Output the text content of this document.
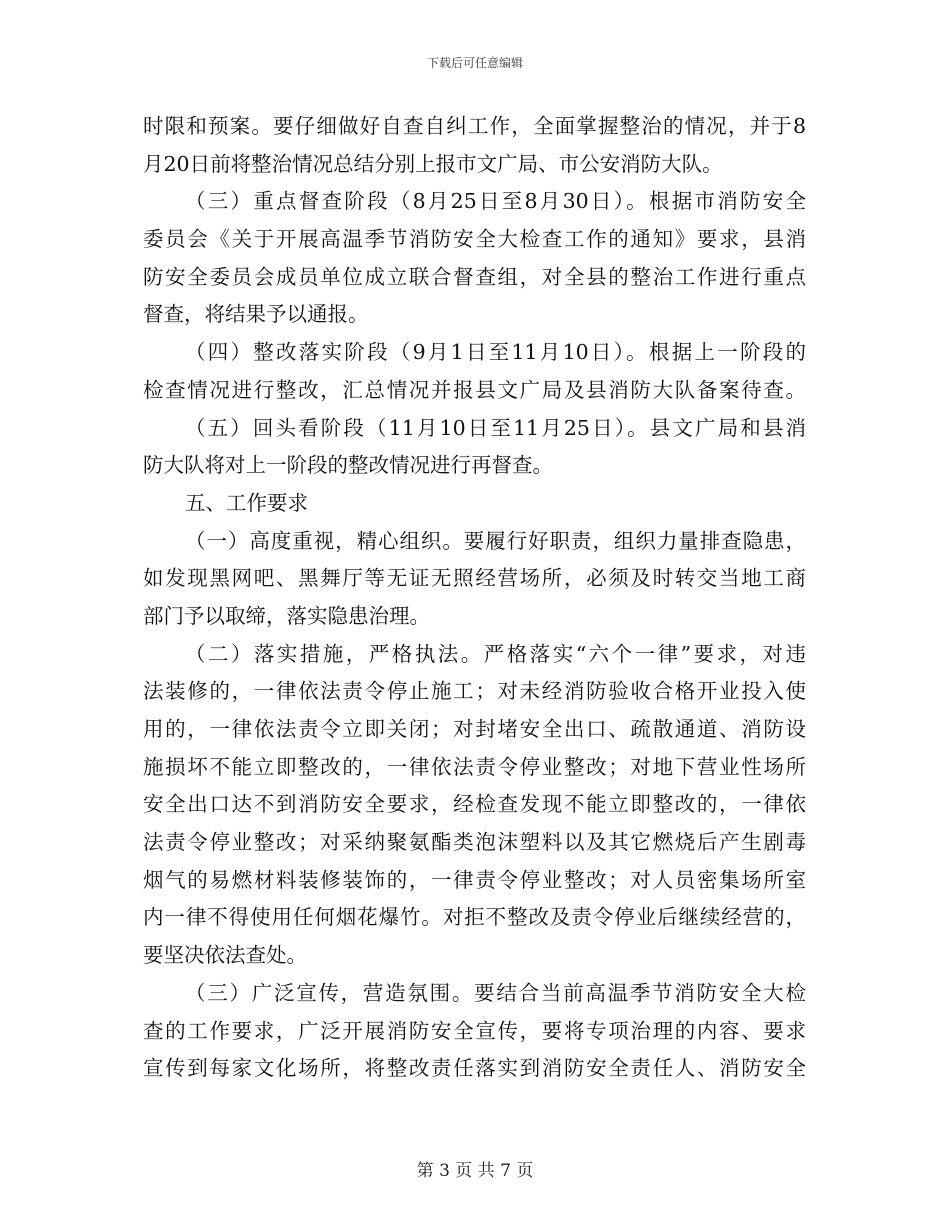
下载后可任意编辑
时限和预案。要仔细做好自查自纠工作，全面掌握整治的情况，并于8
月20日前将整治情况总结分别上报市文广局、市公安消防大队。
（三）重点督查阶段（8月25日至8月30日）。根据市消防安全
委员会《关于开展高温季节消防安全大检查工作的通知》要求，县消
防安全委员会成员单位成立联合督查组，对全县的整治工作进行重点
督查，将结果予以通报。
（四）整改落实阶段（9月1日至11月10日）。根据上一阶段的
检查情况进行整改，汇总情况并报县文广局及县消防大队备案待查。
（五）回头看阶段（11月10日至11月25日）。县文广局和县消
防大队将对上一阶段的整改情况进行再督查。
五、工作要求
（一）高度重视，精心组织。要履行好职责，组织力量排查隐患，
如发现黑网吧、黑舞厅等无证无照经营场所，必须及时转交当地工商
部门予以取缔，落实隐患治理。
（二）落实措施，严格执法。严格落实“六个一律”要求，对违
法装修的，一律依法责令停止施工；对未经消防验收合格开业投入使
用的，一律依法责令立即关闭；对封堵安全出口、疏散通道、消防设
施损坏不能立即整改的，一律依法责令停业整改；对地下营业性场所
安全出口达不到消防安全要求，经检查发现不能立即整改的，一律依
法责令停业整改；对采纳聚氨酯类泡沫塑料以及其它燃烧后产生剧毒
烟气的易燃材料装修装饰的，一律责令停业整改；对人员密集场所室
内一律不得使用任何烟花爆竹。对拒不整改及责令停业后继续经营的，
要坚决依法查处。
（三）广泛宣传，营造氛围。要结合当前高温季节消防安全大检
查的工作要求，广泛开展消防安全宣传，要将专项治理的内容、要求
宣传到每家文化场所，将整改责任落实到消防安全责任人、消防安全
第 3 页 共 7 页
